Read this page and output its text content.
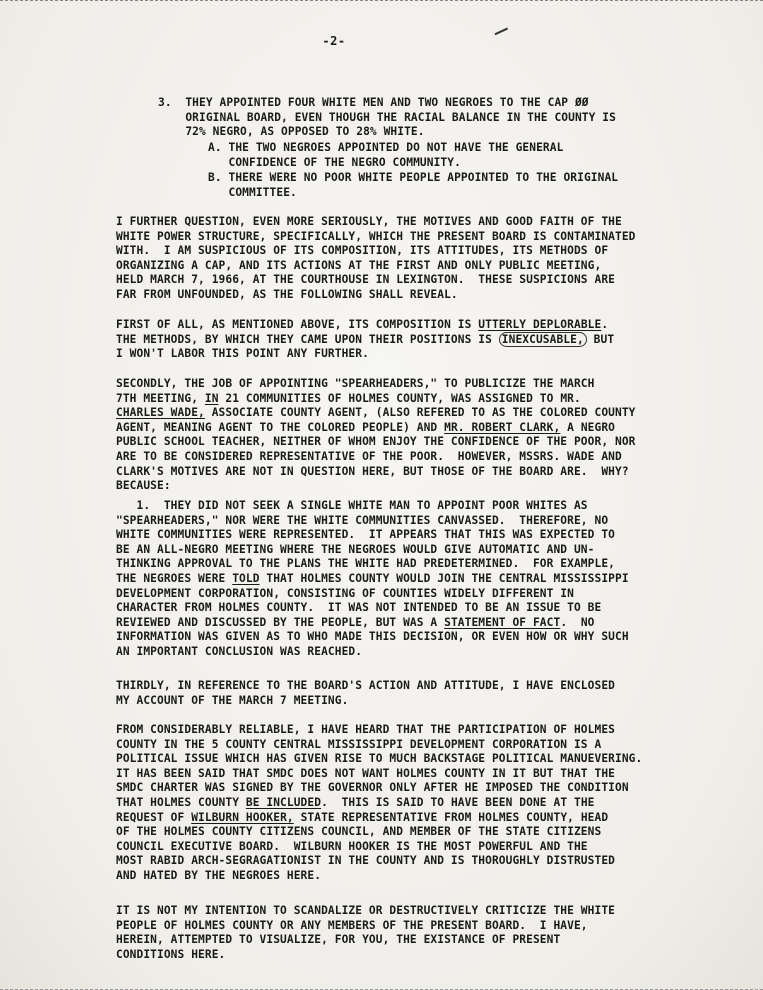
-2-
3.  THEY APPOINTED FOUR WHITE MEN AND TWO NEGROES TO THE CAP ØØ
ORIGINAL BOARD, EVEN THOUGH THE RACIAL BALANCE IN THE COUNTY IS
72% NEGRO, AS OPPOSED TO 28% WHITE.
A. THE TWO NEGROES APPOINTED DO NOT HAVE THE GENERAL
CONFIDENCE OF THE NEGRO COMMUNITY.
B. THERE WERE NO POOR WHITE PEOPLE APPOINTED TO THE ORIGINAL
COMMITTEE.
I FURTHER QUESTION, EVEN MORE SERIOUSLY, THE MOTIVES AND GOOD FAITH OF THE
WHITE POWER STRUCTURE, SPECIFICALLY, WHICH THE PRESENT BOARD IS CONTAMINATED
WITH.  I AM SUSPICIOUS OF ITS COMPOSITION, ITS ATTITUDES, ITS METHODS OF
ORGANIZING A CAP, AND ITS ACTIONS AT THE FIRST AND ONLY PUBLIC MEETING,
HELD MARCH 7, 1966, AT THE COURTHOUSE IN LEXINGTON.  THESE SUSPICIONS ARE
FAR FROM UNFOUNDED, AS THE FOLLOWING SHALL REVEAL.
FIRST OF ALL, AS MENTIONED ABOVE, ITS COMPOSITION IS UTTERLY DEPLORABLE.
THE METHODS, BY WHICH THEY CAME UPON THEIR POSITIONS IS INEXCUSABLE, BUT
I WON'T LABOR THIS POINT ANY FURTHER.
SECONDLY, THE JOB OF APPOINTING "SPEARHEADERS," TO PUBLICIZE THE MARCH
7TH MEETING, IN 21 COMMUNITIES OF HOLMES COUNTY, WAS ASSIGNED TO MR.
CHARLES WADE, ASSOCIATE COUNTY AGENT, (ALSO REFERED TO AS THE COLORED COUNTY
AGENT, MEANING AGENT TO THE COLORED PEOPLE) AND MR. ROBERT CLARK, A NEGRO
PUBLIC SCHOOL TEACHER, NEITHER OF WHOM ENJOY THE CONFIDENCE OF THE POOR, NOR
ARE TO BE CONSIDERED REPRESENTATIVE OF THE POOR.  HOWEVER, MSSRS. WADE AND
CLARK'S MOTIVES ARE NOT IN QUESTION HERE, BUT THOSE OF THE BOARD ARE.  WHY?
BECAUSE:
1.  THEY DID NOT SEEK A SINGLE WHITE MAN TO APPOINT POOR WHITES AS
"SPEARHEADERS," NOR WERE THE WHITE COMMUNITIES CANVASSED.  THEREFORE, NO
WHITE COMMUNITIES WERE REPRESENTED.  IT APPEARS THAT THIS WAS EXPECTED TO
BE AN ALL-NEGRO MEETING WHERE THE NEGROES WOULD GIVE AUTOMATIC AND UN-
THINKING APPROVAL TO THE PLANS THE WHITE HAD PREDETERMINED.  FOR EXAMPLE,
THE NEGROES WERE TOLD THAT HOLMES COUNTY WOULD JOIN THE CENTRAL MISSISSIPPI
DEVELOPMENT CORPORATION, CONSISTING OF COUNTIES WIDELY DIFFERENT IN
CHARACTER FROM HOLMES COUNTY.  IT WAS NOT INTENDED TO BE AN ISSUE TO BE
REVIEWED AND DISCUSSED BY THE PEOPLE, BUT WAS A STATEMENT OF FACT.  NO
INFORMATION WAS GIVEN AS TO WHO MADE THIS DECISION, OR EVEN HOW OR WHY SUCH
AN IMPORTANT CONCLUSION WAS REACHED.
THIRDLY, IN REFERENCE TO THE BOARD'S ACTION AND ATTITUDE, I HAVE ENCLOSED
MY ACCOUNT OF THE MARCH 7 MEETING.
FROM CONSIDERABLY RELIABLE, I HAVE HEARD THAT THE PARTICIPATION OF HOLMES
COUNTY IN THE 5 COUNTY CENTRAL MISSISSIPPI DEVELOPMENT CORPORATION IS A
POLITICAL ISSUE WHICH HAS GIVEN RISE TO MUCH BACKSTAGE POLITICAL MANUEVERING.
IT HAS BEEN SAID THAT SMDC DOES NOT WANT HOLMES COUNTY IN IT BUT THAT THE
SMDC CHARTER WAS SIGNED BY THE GOVERNOR ONLY AFTER HE IMPOSED THE CONDITION
THAT HOLMES COUNTY BE INCLUDED.  THIS IS SAID TO HAVE BEEN DONE AT THE
REQUEST OF WILBURN HOOKER, STATE REPRESENTATIVE FROM HOLMES COUNTY, HEAD
OF THE HOLMES COUNTY CITIZENS COUNCIL, AND MEMBER OF THE STATE CITIZENS
COUNCIL EXECUTIVE BOARD.  WILBURN HOOKER IS THE MOST POWERFUL AND THE
MOST RABID ARCH-SEGRAGATIONIST IN THE COUNTY AND IS THOROUGHLY DISTRUSTED
AND HATED BY THE NEGROES HERE.
IT IS NOT MY INTENTION TO SCANDALIZE OR DESTRUCTIVELY CRITICIZE THE WHITE
PEOPLE OF HOLMES COUNTY OR ANY MEMBERS OF THE PRESENT BOARD.  I HAVE,
HEREIN, ATTEMPTED TO VISUALIZE, FOR YOU, THE EXISTANCE OF PRESENT
CONDITIONS HERE.
